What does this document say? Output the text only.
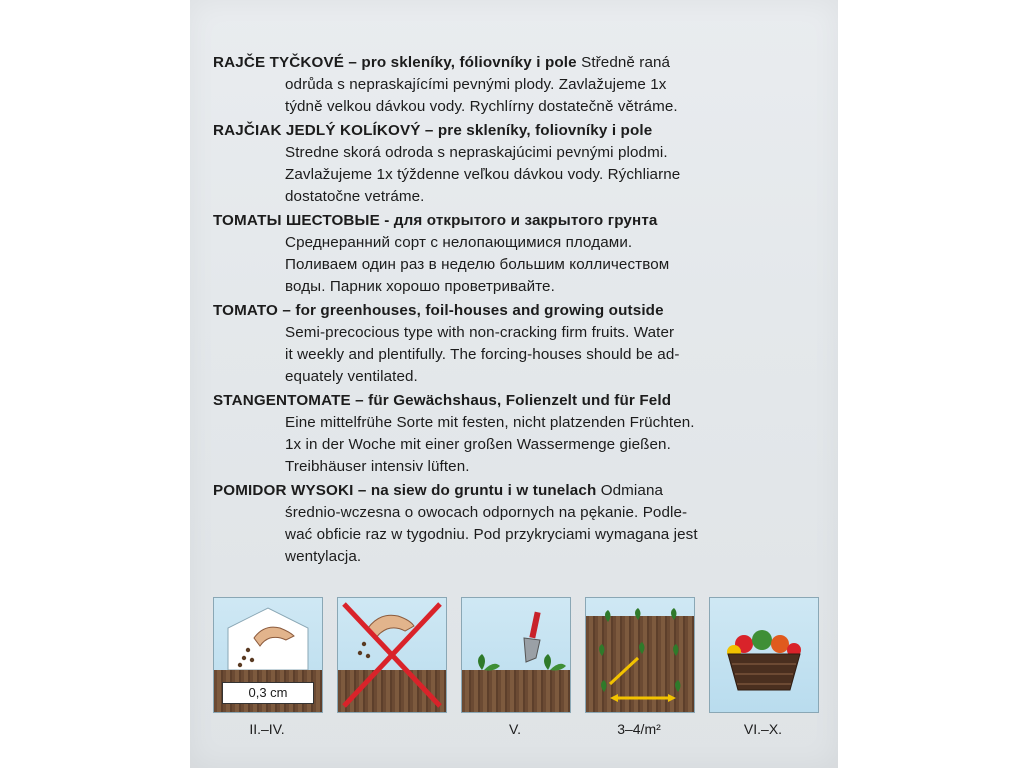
RAJČE TYČKOVÉ – pro skleníky, fóliovníky i pole Středně raná
odrůda s nepraskajícími pevnými plody. Zavlažujeme 1x
týdně velkou dávkou vody. Rychlírny dostatečně větráme.
RAJČIAK JEDLÝ KOLÍKOVÝ – pre skleníky, foliovníky i pole
Stredne skorá odroda s nepraskajúcimi pevnými plodmi.
Zavlažujeme 1x týždenne veľkou dávkou vody. Rýchliarne
dostatočne vetráme.
ТОМАТЫ ШЕСТОВЫЕ - для открытого и закрытого грунта
Среднеранний сорт с нелопающимися плодами.
Поливаем один раз в неделю большим колличеством
воды. Парник хорошо проветривайте.
TOMATO – for greenhouses, foil-houses and growing outside
Semi-precocious type with non-cracking firm fruits. Water
it weekly and plentifully. The forcing-houses should be ad-
equately ventilated.
STANGENTOMATE – für Gewächshaus, Folienzelt und für Feld
Eine mittelfrühe Sorte mit festen, nicht platzenden Früchten.
1x in der Woche mit einer großen Wassermenge gießen.
Treibhäuser intensiv lüften.
POMIDOR WYSOKI – na siew do gruntu i w tunelach Odmiana
średnio-wczesna o owocach odpornych na pękanie. Podle-
wać obficie raz w tygodniu. Pod przykryciami wymagana jest
wentylacja.
0,3 cm
II.–IV.	V.	3–4/m²	VI.–X.
